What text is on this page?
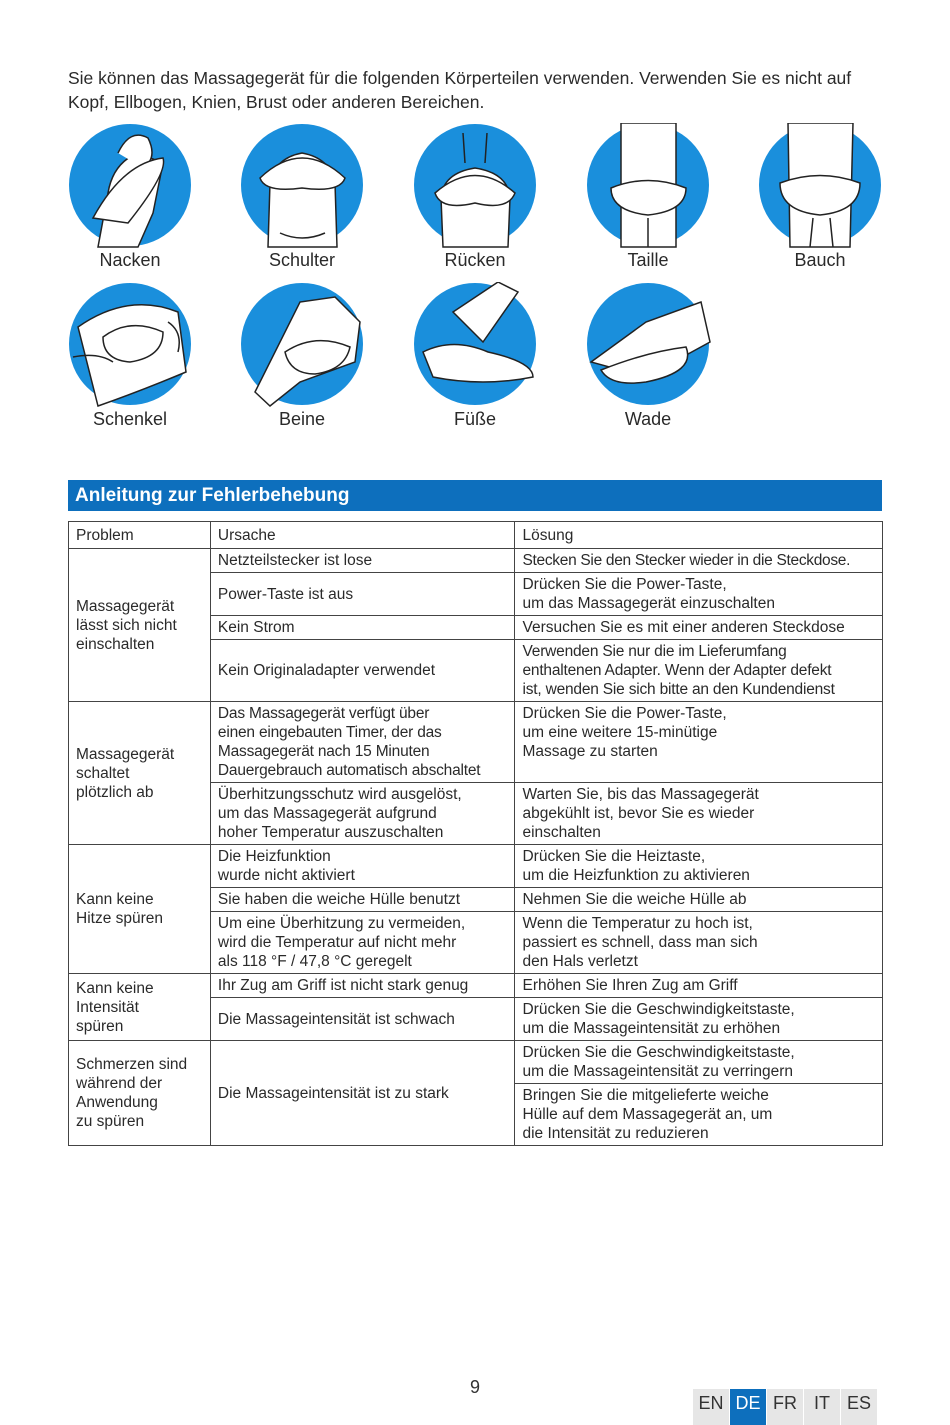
Sie können das Massagegerät für die folgenden Körperteilen verwenden. Verwenden Sie es nicht auf Kopf, Ellbogen, Knien, Brust oder anderen Bereichen.
Nacken	Schulter	Rücken	Taille	Bauch
Schenkel	Beine	Füße	Wade
Anleitung zur Fehlerbehebung
Problem	Ursache	Lösung
Massagegerät
lässt sich nicht
einschalten	Netzteilstecker ist lose	Stecken Sie den Stecker wieder in die Steckdose.
	Power-Taste ist aus	Drücken Sie die Power-Taste,
um das Massagegerät einzuschalten
	Kein Strom	Versuchen Sie es mit einer anderen Steckdose
	Kein Originaladapter verwendet	Verwenden Sie nur die im Lieferumfang
enthaltenen Adapter. Wenn der Adapter defekt
ist, wenden Sie sich bitte an den Kundendienst
Massagegerät
schaltet
plötzlich ab	Das Massagegerät verfügt über
einen eingebauten Timer, der das
Massagegerät nach 15 Minuten
Dauergebrauch automatisch abschaltet	Drücken Sie die Power-Taste,
um eine weitere 15-minütige
Massage zu starten

	Überhitzungsschutz wird ausgelöst,
um das Massagegerät aufgrund
hoher Temperatur auszuschalten	Warten Sie, bis das Massagegerät
abgekühlt ist, bevor Sie es wieder
einschalten
Kann keine
Hitze spüren	Die Heizfunktion
wurde nicht aktiviert	Drücken Sie die Heiztaste,
um die Heizfunktion zu aktivieren
	Sie haben die weiche Hülle benutzt	Nehmen Sie die weiche Hülle ab
	Um eine Überhitzung zu vermeiden,
wird die Temperatur auf nicht mehr
als 118 °F / 47,8 °C geregelt	Wenn die Temperatur zu hoch ist,
passiert es schnell, dass man sich
den Hals verletzt
Kann keine
Intensität
spüren	Ihr Zug am Griff ist nicht stark genug	Erhöhen Sie Ihren Zug am Griff
	Die Massageintensität ist schwach	Drücken Sie die Geschwindigkeitstaste,
um die Massageintensität zu erhöhen
Schmerzen sind
während der
Anwendung
zu spüren	Die Massageintensität ist zu stark	Drücken Sie die Geschwindigkeitstaste,
um die Massageintensität zu verringern
		Bringen Sie die mitgelieferte weiche
Hülle auf dem Massagegerät an, um
die Intensität zu reduzieren
9
EN DE FR IT ES
